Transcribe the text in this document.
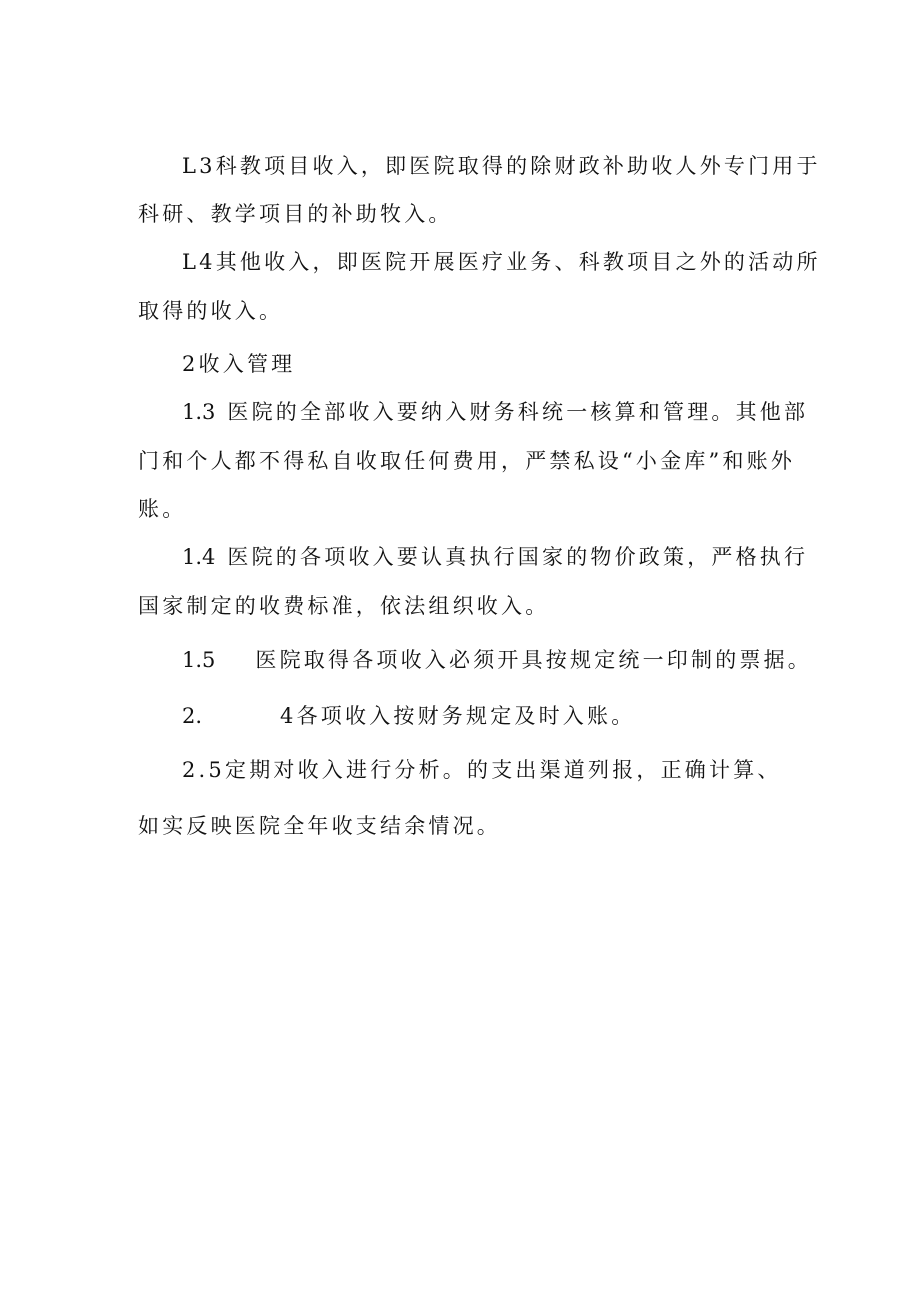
L3科教项目收入，即医院取得的除财政补助收人外专门用于
科研、教学项目的补助牧入。
L4其他收入，即医院开展医疗业务、科教项目之外的活动所
取得的收入。
2收入管理
1.3 医院的全部收入要纳入财务科统一核算和管理。其他部
门和个人都不得私自收取任何费用，严禁私设“小金库”和账外
账。
1.4 医院的各项收入要认真执行国家的物价政策，严格执行
国家制定的收费标准，依法组织收入。
1.5 医院取得各项收入必须开具按规定统一印制的票据。
2.	4各项收入按财务规定及时入账。
2.5定期对收入进行分析。的支出渠道列报，正确计算、
如实反映医院全年收支结余情况。
